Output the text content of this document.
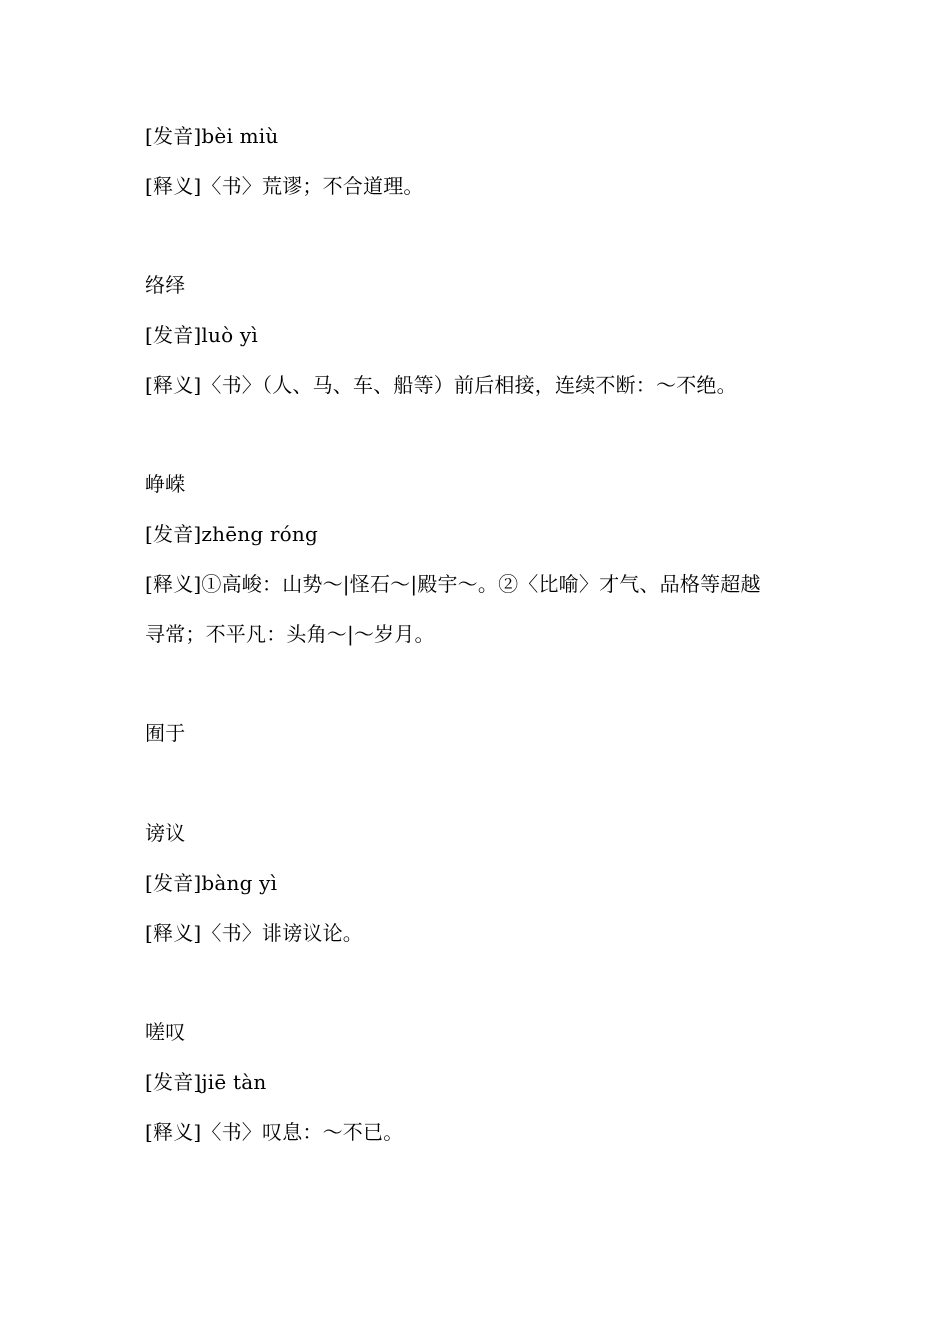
[发音]bèi miù
[释义]〈书〉荒谬；不合道理。
络绎
[发音]luò yì
[释义]〈书〉（人、马、车、船等）前后相接，连续不断：～不绝。
峥嵘
[发音]zhēng róng
[释义]①高峻：山势～|怪石～|殿宇～。②〈比喻〉才气、品格等超越
寻常；不平凡：头角～|～岁月。
囿于
谤议
[发音]bàng yì
[释义]〈书〉诽谤议论。
嗟叹
[发音]jiē tàn
[释义]〈书〉叹息：～不已。
